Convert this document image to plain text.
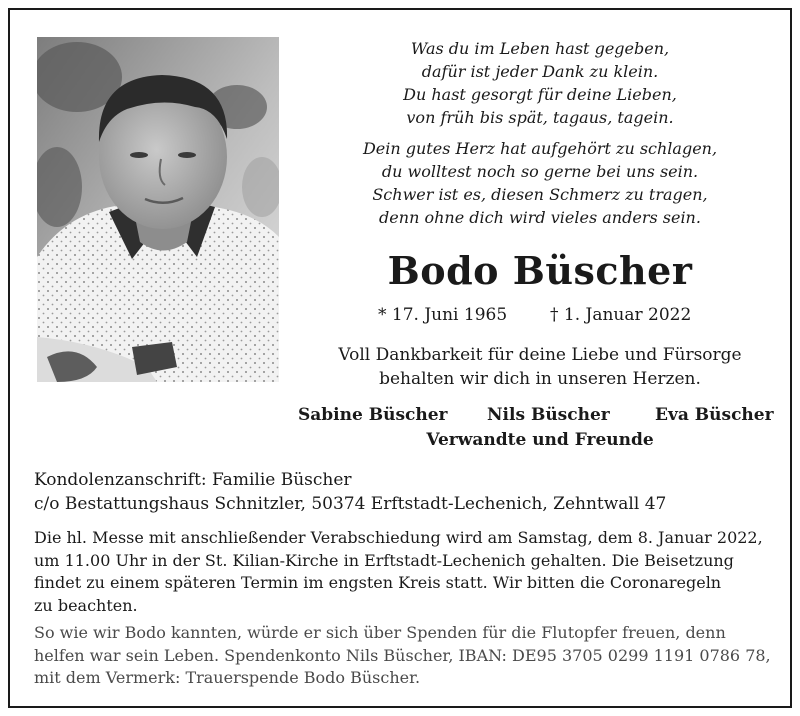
Was du im Leben hast gegeben,
dafür ist jeder Dank zu klein.
Du hast gesorgt für deine Lieben,
von früh bis spät, tagaus, tagein.
Dein gutes Herz hat aufgehört zu schlagen,
du wolltest noch so gerne bei uns sein.
Schwer ist es, diesen Schmerz zu tragen,
denn ohne dich wird vieles anders sein.
Bodo Büscher
* 17. Juni 1965	† 1. Januar 2022
Voll Dankbarkeit für deine Liebe und Fürsorge
behalten wir dich in unseren Herzen.
Sabine Büscher Nils Büscher	Eva Büscher
Verwandte und Freunde
Kondolenzanschrift: Familie Büscher
c/o Bestattungshaus Schnitzler, 50374 Erftstadt-Lechenich, Zehntwall 47
Die hl. Messe mit anschließender Verabschiedung wird am Samstag, dem 8. Januar 2022,
um 11.00 Uhr in der St. Kilian-Kirche in Erftstadt-Lechenich gehalten. Die Beisetzung
findet zu einem späteren Termin im engsten Kreis statt. Wir bitten die Coronaregeln
zu beachten.
So wie wir Bodo kannten, würde er sich über Spenden für die Flutopfer freuen, denn
helfen war sein Leben. Spendenkonto Nils Büscher, IBAN: DE95 3705 0299 1191 0786 78,
mit dem Vermerk: Trauerspende Bodo Büscher.
